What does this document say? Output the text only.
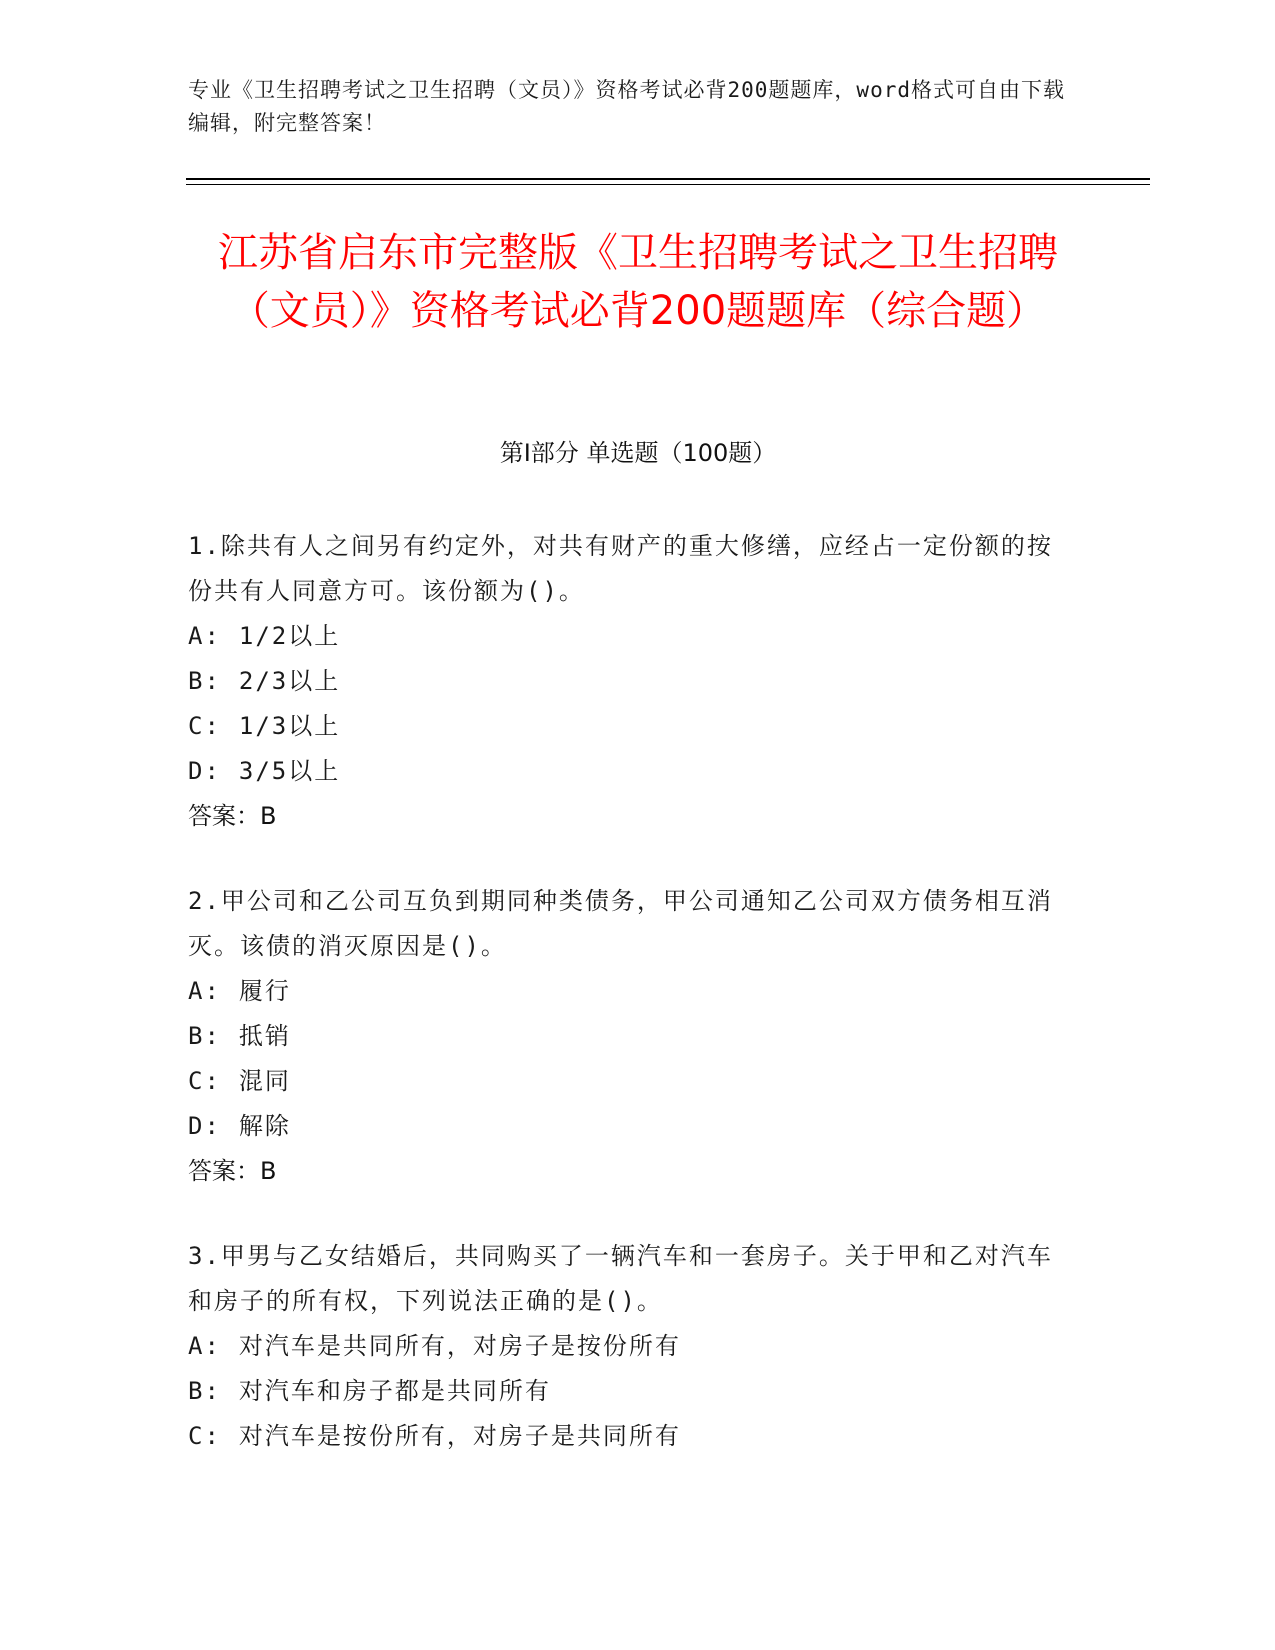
专业《卫生招聘考试之卫生招聘（文员）》资格考试必背200题题库，word格式可自由下载编辑，附完整答案！
江苏省启东市完整版《卫生招聘考试之卫生招聘（文员）》资格考试必背200题题库（综合题）
第I部分 单选题（100题）
1.除共有人之间另有约定外，对共有财产的重大修缮，应经占一定份额的按份共有人同意方可。该份额为()。
A: 1/2以上
B: 2/3以上
C: 1/3以上
D: 3/5以上
答案：B
2.甲公司和乙公司互负到期同种类债务，甲公司通知乙公司双方债务相互消灭。该债的消灭原因是()。
A: 履行
B: 抵销
C: 混同
D: 解除
答案：B
3.甲男与乙女结婚后，共同购买了一辆汽车和一套房子。关于甲和乙对汽车和房子的所有权，下列说法正确的是()。
A: 对汽车是共同所有，对房子是按份所有
B: 对汽车和房子都是共同所有
C: 对汽车是按份所有，对房子是共同所有
